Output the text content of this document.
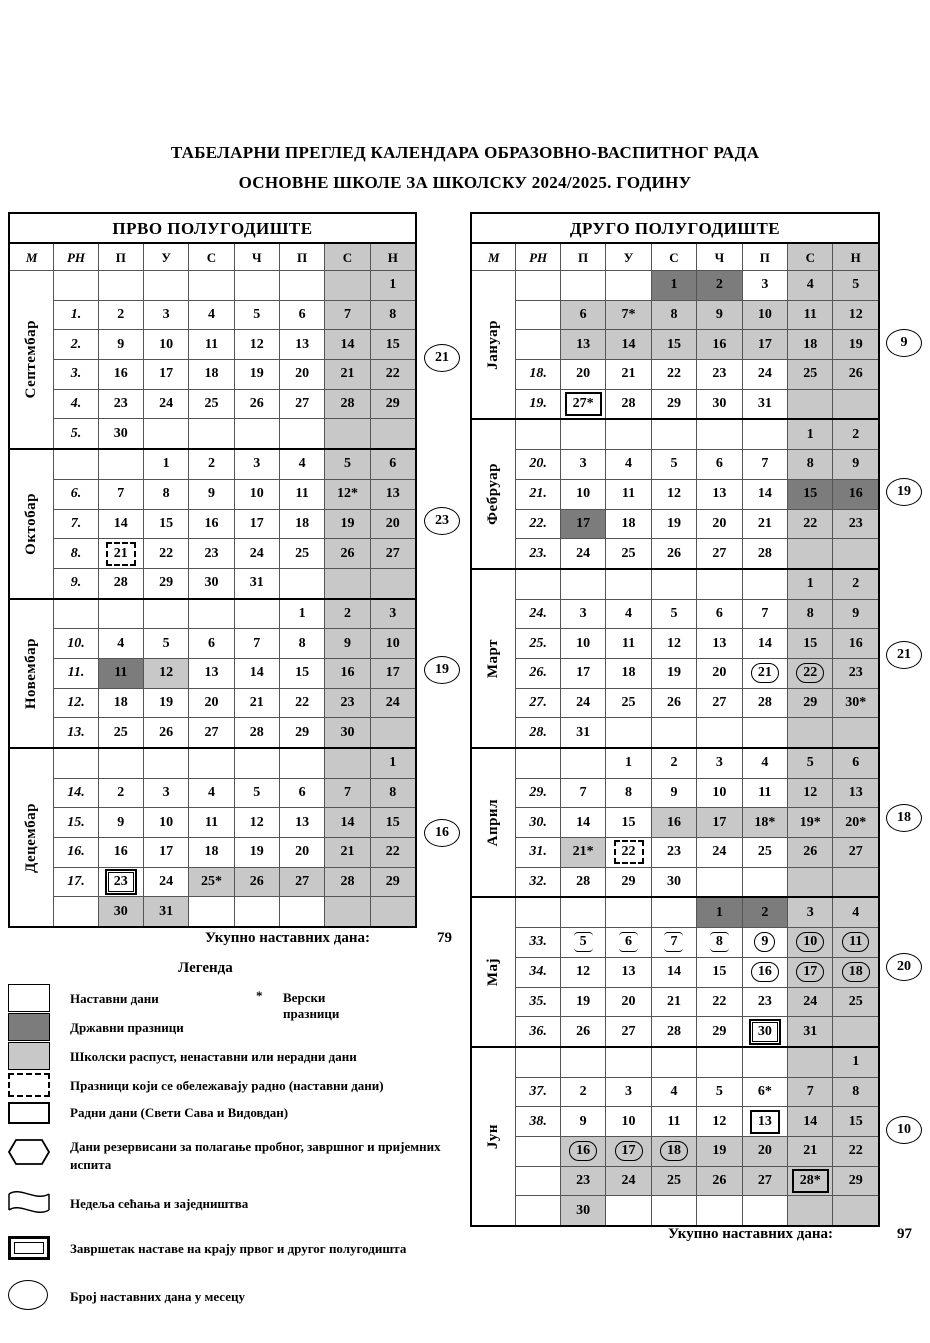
ТАБЕЛАРНИ ПРЕГЛЕД КАЛЕНДАРА ОБРАЗОВНО-ВАСПИТНОГ РАДА
ОСНОВНЕ ШКОЛЕ ЗА ШКОЛСКУ 2024/2025. ГОДИНУ
ПРВО ПОЛУГОДИШТЕ								
М	РН	П	У	С	Ч	П	С	Н

Септембар								1
	1.	2	3	4	5	6	7	8
	2.	9	10	11	12	13	14	15
	3.	16	17	18	19	20	21	22
	4.	23	24	25	26	27	28	29
	5.	30						

Октобар			1	2	3	4	5	6
	6.	7	8	9	10	11	12*	13
	7.	14	15	16	17	18	19	20
	8.	21	22	23	24	25	26	27
	9.	28	29	30	31			

Новембар						1	2	3
	10.	4	5	6	7	8	9	10
	11.	11	12	13	14	15	16	17
	12.	18	19	20	21	22	23	24
	13.	25	26	27	28	29	30	

Децембар								1
	14.	2	3	4	5	6	7	8
	15.	9	10	11	12	13	14	15
	16.	16	17	18	19	20	21	22
	17.	23	24	25*	26	27	28	29
		30	31					
ДРУГО ПОЛУГОДИШТЕ								
М	РН	П	У	С	Ч	П	С	Н

Јануар				1	2	3	4	5
		6	7*	8	9	10	11	12
		13	14	15	16	17	18	19
	18.	20	21	22	23	24	25	26
	19.	27*	28	29	30	31		

Фебруар							1	2
	20.	3	4	5	6	7	8	9
	21.	10	11	12	13	14	15	16
	22.	17	18	19	20	21	22	23
	23.	24	25	26	27	28		

Март							1	2
	24.	3	4	5	6	7	8	9
	25.	10	11	12	13	14	15	16
	26.	17	18	19	20	21	22	23
	27.	24	25	26	27	28	29	30*
	28.	31						

Април			1	2	3	4	5	6
	29.	7	8	9	10	11	12	13
	30.	14	15	16	17	18*	19*	20*
	31.	21*	22	23	24	25	26	27
	32.	28	29	30				

Мај					1	2	3	4
	33.	5	6	7	8	9	10	11
	34.	12	13	14	15	16	17	18
	35.	19	20	21	22	23	24	25
	36.	26	27	28	29	30	31	

Јун								1
	37.	2	3	4	5	6*	7	8
	38.	9	10	11	12	13	14	15
		16	17	18	19	20	21	22
		23	24	25	26	27	28*	29
		30						
21
23
19
16
9
19
21
18
20
10
Укупно наставних дана:	79
Укупно наставних дана:	97
Легенда
Наставни дани	* Верски празници
Државни празници
Школски распуст, ненаставни или нерадни дани
Празници који се обележавају радно (наставни дани)
Радни дани (Свети Сава и Видовдан)
Дани резервисани за полагање пробног, завршног и пријемних испита
Недеља сећања и заједништва
Завршетак наставе на крају првог и другог полугодишта
Број наставних дана у месецу
